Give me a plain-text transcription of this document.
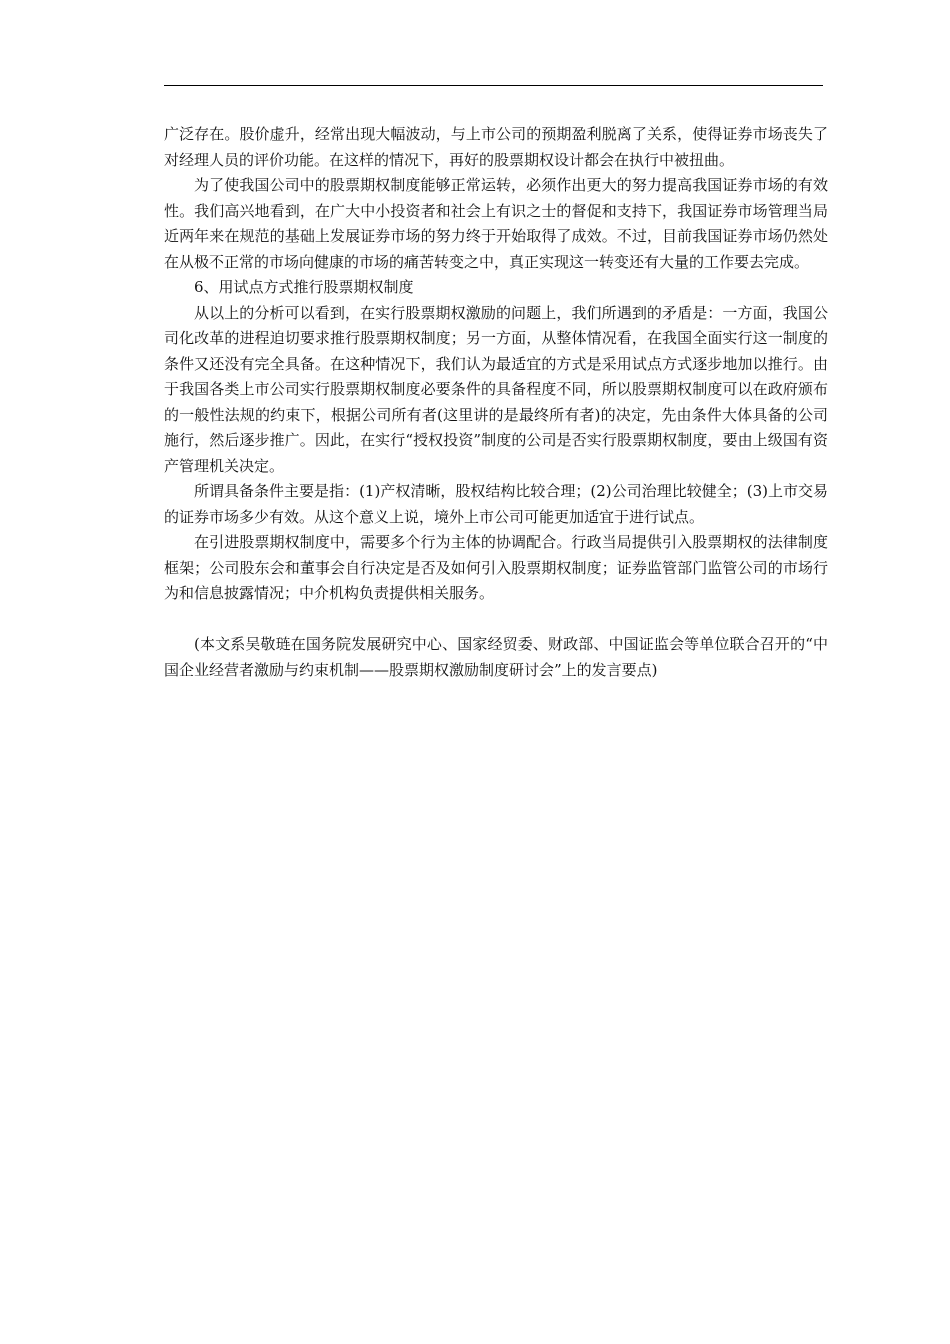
广泛存在。股价虚升，经常出现大幅波动，与上市公司的预期盈利脱离了关系，使得证券市场丧失了对经理人员的评价功能。在这样的情况下，再好的股票期权设计都会在执行中被扭曲。

为了使我国公司中的股票期权制度能够正常运转，必须作出更大的努力提高我国证券市场的有效性。我们高兴地看到，在广大中小投资者和社会上有识之士的督促和支持下，我国证券市场管理当局近两年来在规范的基础上发展证券市场的努力终于开始取得了成效。不过，目前我国证券市场仍然处在从极不正常的市场向健康的市场的痛苦转变之中，真正实现这一转变还有大量的工作要去完成。

6、用试点方式推行股票期权制度

从以上的分析可以看到，在实行股票期权激励的问题上，我们所遇到的矛盾是：一方面，我国公司化改革的进程迫切要求推行股票期权制度；另一方面，从整体情况看，在我国全面实行这一制度的条件又还没有完全具备。在这种情况下，我们认为最适宜的方式是采用试点方式逐步地加以推行。由于我国各类上市公司实行股票期权制度必要条件的具备程度不同，所以股票期权制度可以在政府颁布的一般性法规的约束下，根据公司所有者(这里讲的是最终所有者)的决定，先由条件大体具备的公司施行，然后逐步推广。因此，在实行“授权投资”制度的公司是否实行股票期权制度，要由上级国有资产管理机关决定。

所谓具备条件主要是指：(1)产权清晰，股权结构比较合理；(2)公司治理比较健全；(3)上市交易的证券市场多少有效。从这个意义上说，境外上市公司可能更加适宜于进行试点。

在引进股票期权制度中，需要多个行为主体的协调配合。行政当局提供引入股票期权的法律制度框架；公司股东会和董事会自行决定是否及如何引入股票期权制度；证券监管部门监管公司的市场行为和信息披露情况；中介机构负责提供相关服务。

(本文系吴敬琏在国务院发展研究中心、国家经贸委、财政部、中国证监会等单位联合召开的“中国企业经营者激励与约束机制——股票期权激励制度研讨会”上的发言要点)
